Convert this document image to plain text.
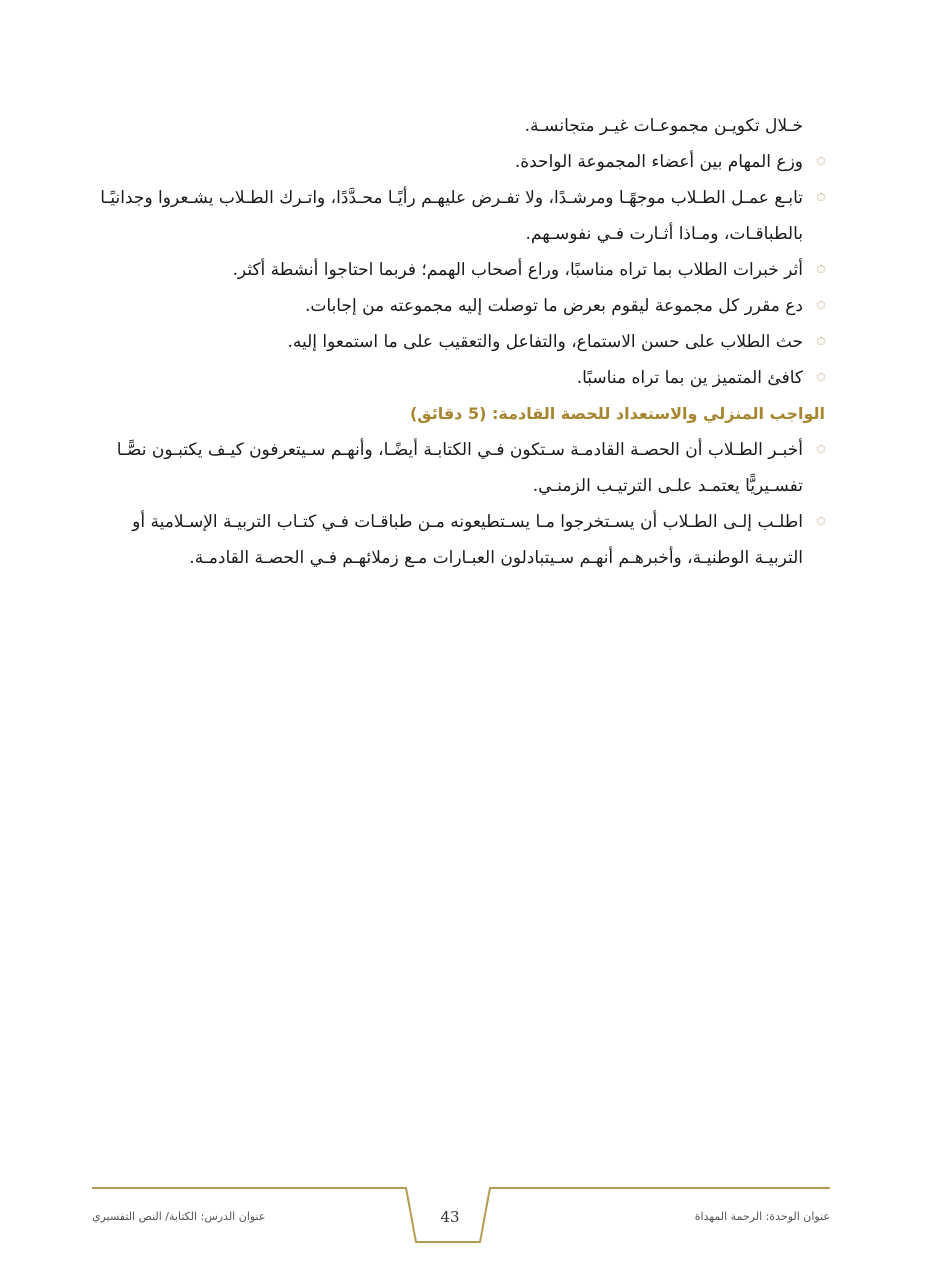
خـلال تكويـن مجموعـات غيـر متجانسـة.
وزع المهام بين أعضاء المجموعة الواحدة.
تابـع عمـل الطـلاب موجهًـا ومرشـدًا، ولا تفـرض عليهـم رأيًـا محـدَّدًا، واتـرك الطـلاب يشـعروا وجدانيًـا بالطباقـات، ومـاذا أثـارت فـي نفوسـهم.
أثر خبرات الطلاب بما تراه مناسبًا، وراع أصحاب الهمم؛ فربما احتاجوا أنشطة أكثر.
دع مقرر كل مجموعة ليقوم بعرض ما توصلت إليه مجموعته من إجابات.
حث الطلاب على حسن الاستماع، والتفاعل والتعقيب على ما استمعوا إليه.
كافئ المتميز ين بما تراه مناسبًا.
الواجب المنزلي والاستعداد للحصة القادمة: (5 دقائق)
أخبـر الطـلاب أن الحصـة القادمـة سـتكون فـي الكتابـة أيضًـا، وأنهـم سـيتعرفون كيـف يكتبـون نصًّـا تفسـيريًّا يعتمـد علـى الترتيـب الزمنـي.
اطلـب إلـى الطـلاب أن يسـتخرجوا مـا يسـتطيعونه مـن طباقـات فـي كتـاب التربيـة الإسـلامية أو التربيـة الوطنيـة، وأخبرهـم أنهـم سـيتبادلون العبـارات مـع زملائهـم فـي الحصـة القادمـة.
عنوان الدرس: الكتابة/ النص التفسيري	43	عنوان الوحدة: الرحمة المهداة
